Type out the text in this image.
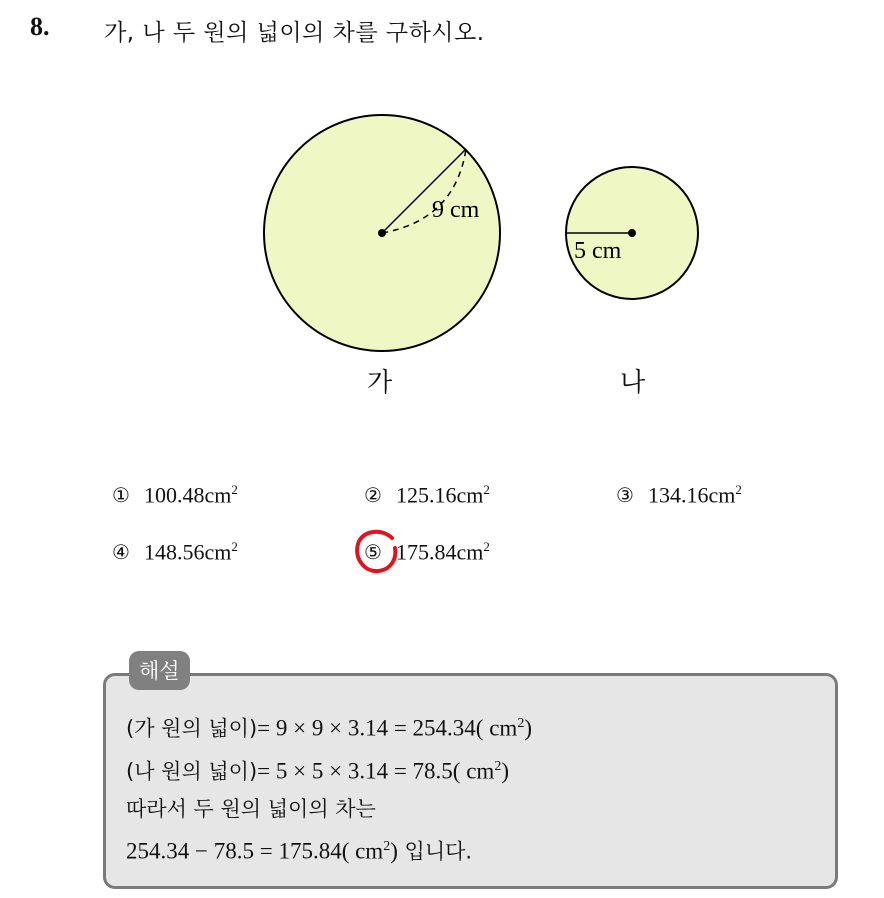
8. 가, 나 두 원의 넓이의 차를 구하시오.
9 cm
5 cm
가	나
① $100.48cm^2$	② $125.16cm^2$	③ $134.16cm^2$
④ $148.56cm^2$	⑤ $175.84cm^2$
해설
(가 원의 넓이)= 9 × 9 × 3.14 = 254.34( $cm^2$)
(나 원의 넓이)= 5 × 5 × 3.14 = 78.5( $cm^2$)
따라서 두 원의 넓이의 차는
254.34 − 78.5 = 175.84( $cm^2$) 입니다.
